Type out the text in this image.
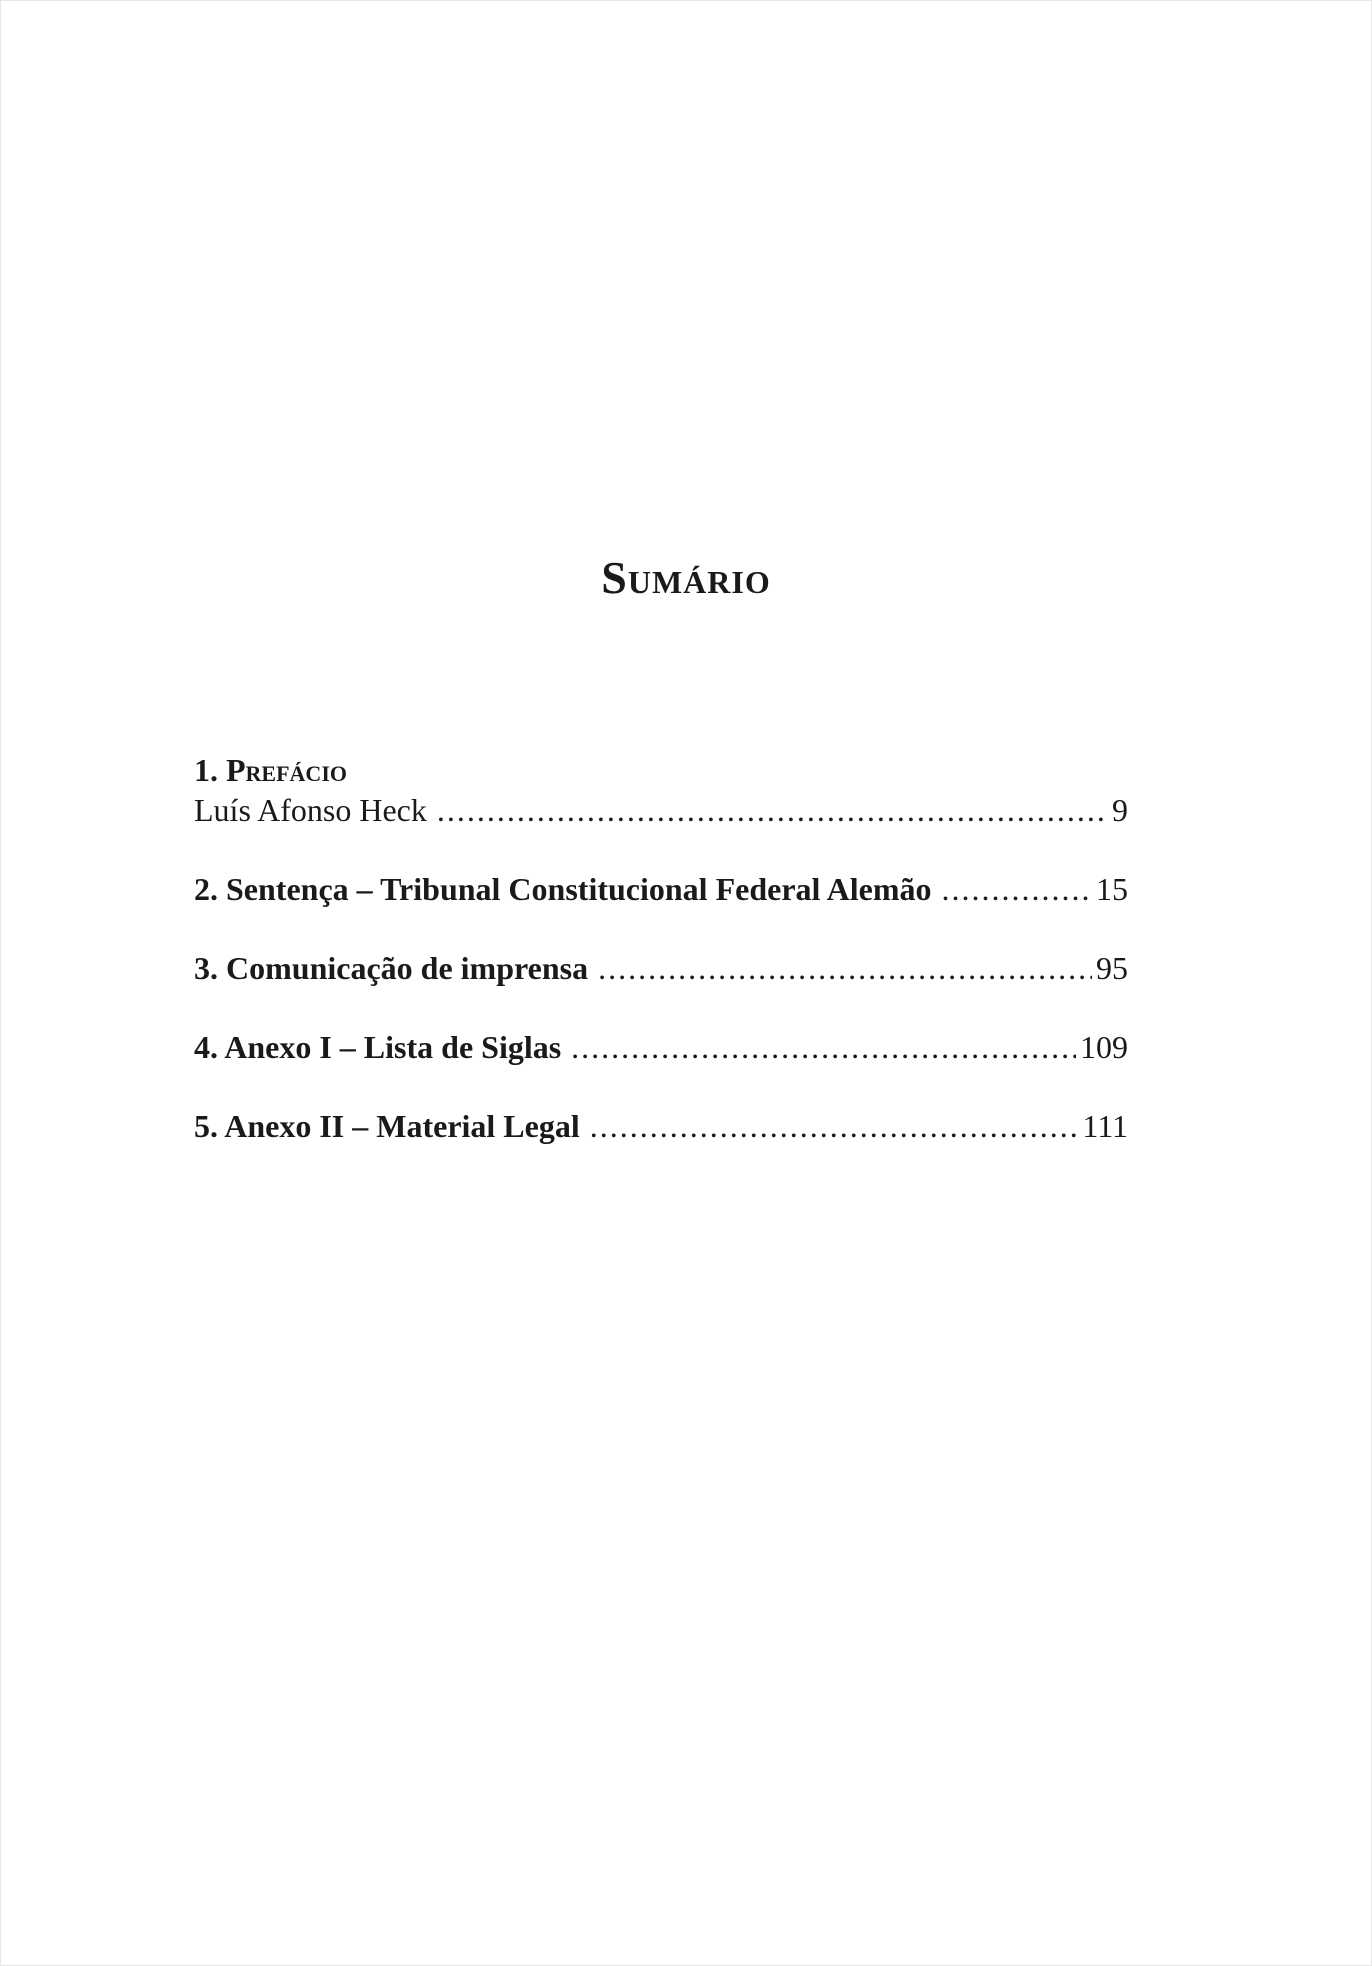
Sumário
1. Prefácio
Luís Afonso Heck .....	9
2. Sentença – Tribunal Constitucional Federal Alemão .....	15
3. Comunicação de imprensa .....	95
4. Anexo I – Lista de Siglas .....	109
5. Anexo II – Material Legal .....	111
